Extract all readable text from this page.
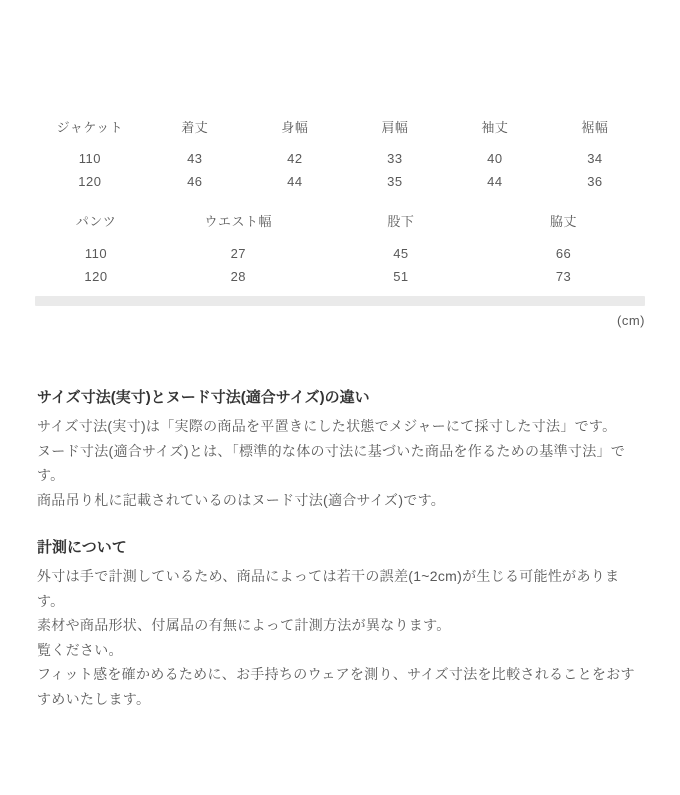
ジャケット	着丈	身幅	肩幅	袖丈	裾幅
110	43	42	33	40	34
120	46	44	35	44	36
パンツ	ウエスト幅	股下	脇丈
110	27	45	66
120	28	51	73
(cm)
サイズ寸法(実寸)とヌード寸法(適合サイズ)の違い

サイズ寸法(実寸)は「実際の商品を平置きにした状態でメジャーにて採寸した寸法」です。

ヌード寸法(適合サイズ)とは、「標準的な体の寸法に基づいた商品を作るための基準寸法」です。

商品吊り札に記載されているのはヌード寸法(適合サイズ)です。

計測について

外寸は手で計測しているため、商品によっては若干の誤差(1~2cm)が生じる可能性があります。

素材や商品形状、付属品の有無によって計測方法が異なります。

覧ください。

フィット感を確かめるために、お手持ちのウェアを測り、サイズ寸法を比較されることをおすすめいたします。
